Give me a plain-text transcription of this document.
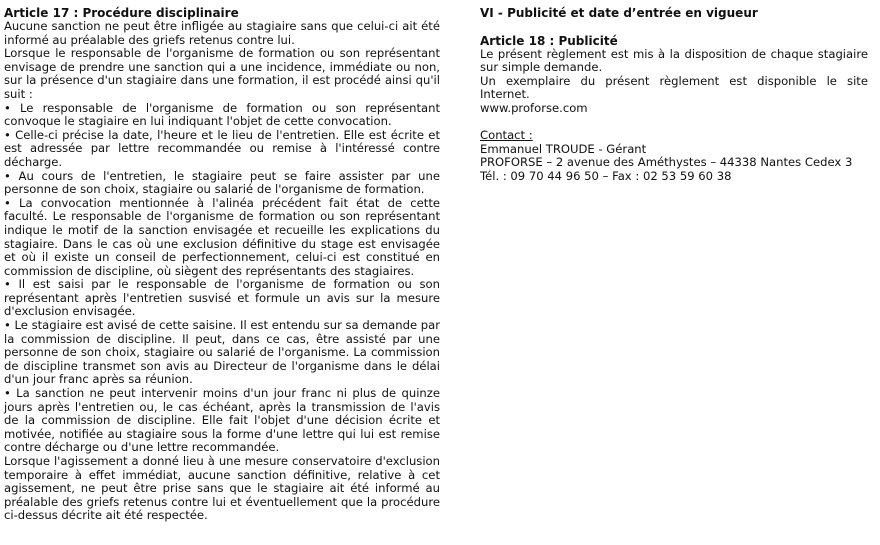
Article 17 : Procédure disciplinaire

Aucune sanction ne peut être infligée au stagiaire sans que celui-ci ait été informé au préalable des griefs retenus contre lui.

Lorsque le responsable de l'organisme de formation ou son représentant envisage de prendre une sanction qui a une incidence, immédiate ou non, sur la présence d'un stagiaire dans une formation, il est procédé ainsi qu'il suit :

• Le responsable de l'organisme de formation ou son représentant convoque le stagiaire en lui indiquant l'objet de cette convocation.

• Celle-ci précise la date, l'heure et le lieu de l'entretien. Elle est écrite et est adressée par lettre recommandée ou remise à l'intéressé contre décharge.

• Au cours de l'entretien, le stagiaire peut se faire assister par une personne de son choix, stagiaire ou salarié de l'organisme de formation.

• La convocation mentionnée à l'alinéa précédent fait état de cette faculté. Le responsable de l'organisme de formation ou son représentant indique le motif de la sanction envisagée et recueille les explications du stagiaire. Dans le cas où une exclusion définitive du stage est envisagée et où il existe un conseil de perfectionnement, celui-ci est constitué en commission de discipline, où siègent des représentants des stagiaires.

• Il est saisi par le responsable de l'organisme de formation ou son représentant après l'entretien susvisé et formule un avis sur la mesure d'exclusion envisagée.

• Le stagiaire est avisé de cette saisine. Il est entendu sur sa demande par la commission de discipline. Il peut, dans ce cas, être assisté par une personne de son choix, stagiaire ou salarié de l'organisme. La commission de discipline transmet son avis au Directeur de l'organisme dans le délai d'un jour franc après sa réunion.

• La sanction ne peut intervenir moins d'un jour franc ni plus de quinze jours après l'entretien ou, le cas échéant, après la transmission de l'avis de la commission de discipline. Elle fait l'objet d'une décision écrite et motivée, notifiée au stagiaire sous la forme d'une lettre qui lui est remise contre décharge ou d'une lettre recommandée.

Lorsque l'agissement a donné lieu à une mesure conservatoire d'exclusion temporaire à effet immédiat, aucune sanction définitive, relative à cet agissement, ne peut être prise sans que le stagiaire ait été informé au préalable des griefs retenus contre lui et éventuellement que la procédure ci-dessus décrite ait été respectée.

VI - Publicité et date d’entrée en vigueur
Article 18 : Publicité

Le présent règlement est mis à la disposition de chaque stagiaire sur simple demande.

Un exemplaire du présent règlement est disponible le site Internet.

www.proforse.com

Contact :

Emmanuel TROUDE - Gérant

PROFORSE – 2 avenue des Améthystes – 44338 Nantes Cedex 3

Tél. : 09 70 44 96 50 – Fax : 02 53 59 60 38
